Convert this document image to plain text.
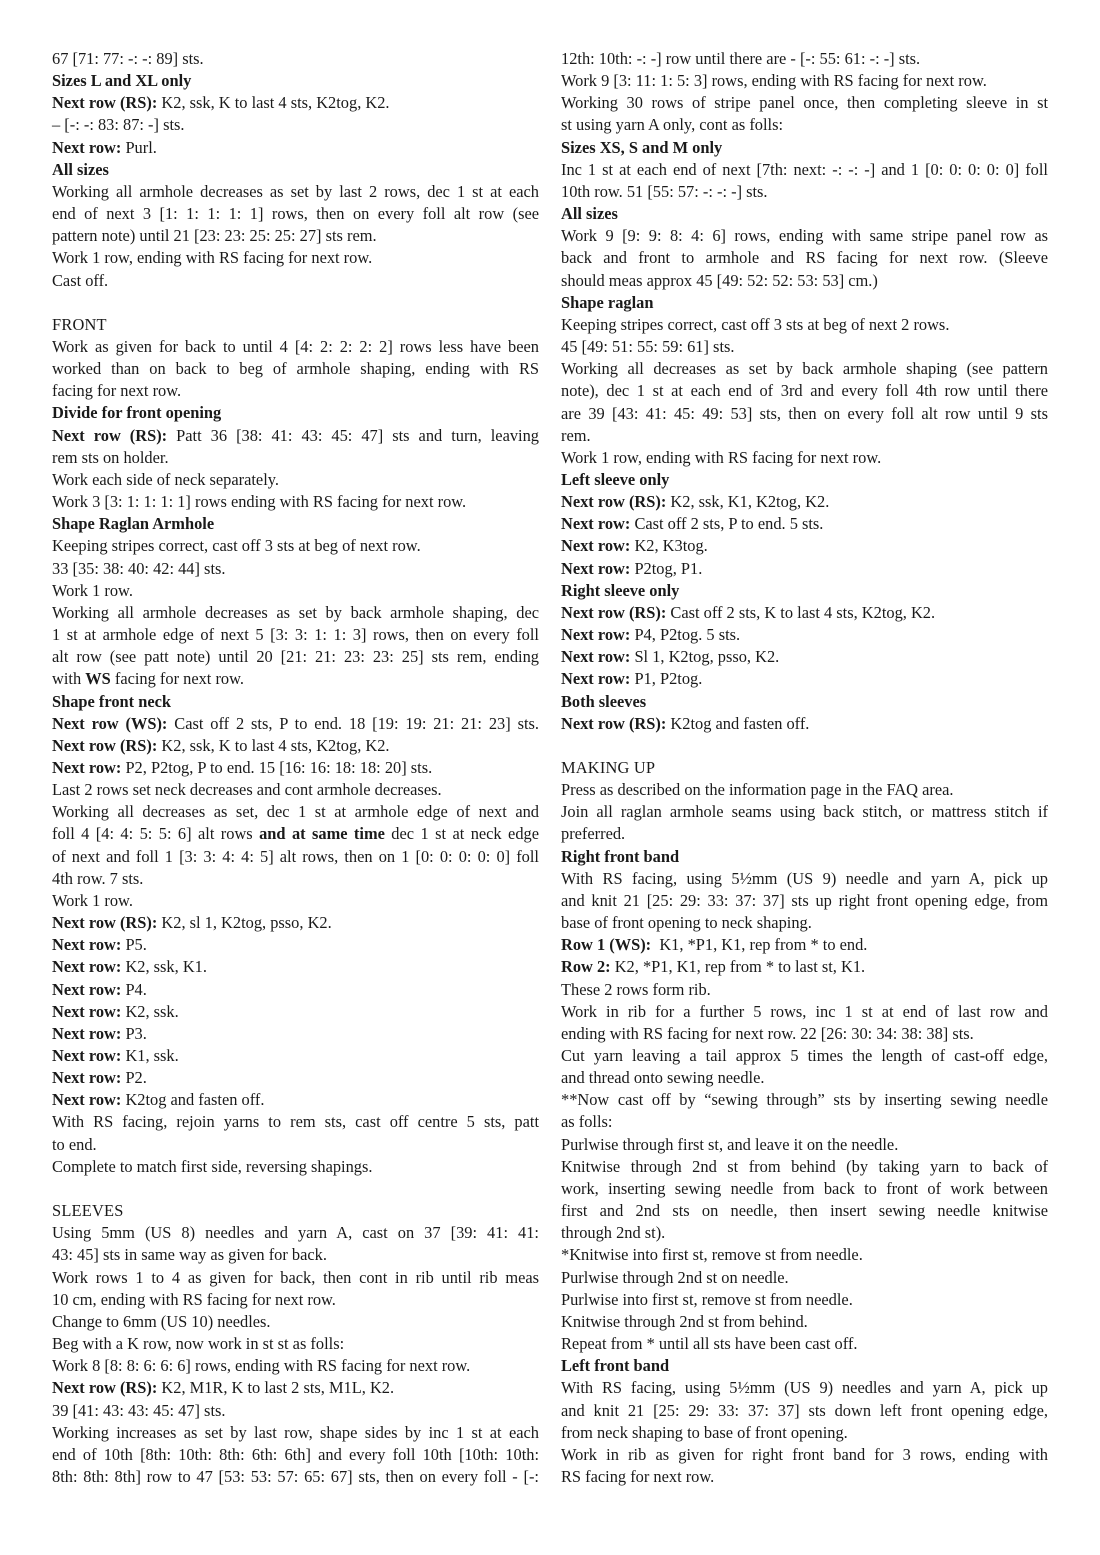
67 [71: 77: -: -: 89] sts.
Sizes L and XL only
Next row (RS): K2, ssk, K to last 4 sts, K2tog, K2.
– [-: -: 83: 87: -] sts.
Next row: Purl.
All sizes
Working all armhole decreases as set by last 2 rows, dec 1 st at each
end of next 3 [1: 1: 1: 1: 1] rows, then on every foll alt row (see
pattern note) until 21 [23: 23: 25: 25: 27] sts rem.
Work 1 row, ending with RS facing for next row.
Cast off.
FRONT
Work as given for back to until 4 [4: 2: 2: 2: 2] rows less have been
worked than on back to beg of armhole shaping, ending with RS
facing for next row.
Divide for front opening
Next row (RS): Patt 36 [38: 41: 43: 45: 47] sts and turn, leaving
rem sts on holder.
Work each side of neck separately.
Work 3 [3: 1: 1: 1: 1] rows ending with RS facing for next row.
Shape Raglan Armhole
Keeping stripes correct, cast off 3 sts at beg of next row.
33 [35: 38: 40: 42: 44] sts.
Work 1 row.
Working all armhole decreases as set by back armhole shaping, dec
1 st at armhole edge of next 5 [3: 3: 1: 1: 3] rows, then on every foll
alt row (see patt note) until 20 [21: 21: 23: 23: 25] sts rem, ending
with WS facing for next row.
Shape front neck
Next row (WS): Cast off 2 sts, P to end. 18 [19: 19: 21: 21: 23] sts.
Next row (RS): K2, ssk, K to last 4 sts, K2tog, K2.
Next row: P2, P2tog, P to end. 15 [16: 16: 18: 18: 20] sts.
Last 2 rows set neck decreases and cont armhole decreases.
Working all decreases as set, dec 1 st at armhole edge of next and
foll 4 [4: 4: 5: 5: 6] alt rows and at same time dec 1 st at neck edge
of next and foll 1 [3: 3: 4: 4: 5] alt rows, then on 1 [0: 0: 0: 0: 0] foll
4th row. 7 sts.
Work 1 row.
Next row (RS): K2, sl 1, K2tog, psso, K2.
Next row: P5.
Next row: K2, ssk, K1.
Next row: P4.
Next row: K2, ssk.
Next row: P3.
Next row: K1, ssk.
Next row: P2.
Next row: K2tog and fasten off.
With RS facing, rejoin yarns to rem sts, cast off centre 5 sts, patt
to end.
Complete to match first side, reversing shapings.
SLEEVES
Using 5mm (US 8) needles and yarn A, cast on 37 [39: 41: 41:
43: 45] sts in same way as given for back.
Work rows 1 to 4 as given for back, then cont in rib until rib meas
10 cm, ending with RS facing for next row.
Change to 6mm (US 10) needles.
Beg with a K row, now work in st st as folls:
Work 8 [8: 8: 6: 6: 6] rows, ending with RS facing for next row.
Next row (RS): K2, M1R, K to last 2 sts, M1L, K2.
39 [41: 43: 43: 45: 47] sts.
Working increases as set by last row, shape sides by inc 1 st at each
end of 10th [8th: 10th: 8th: 6th: 6th] and every foll 10th [10th: 10th:
8th: 8th: 8th] row to 47 [53: 53: 57: 65: 67] sts, then on every foll - [-:
12th: 10th: -: -] row until there are - [-: 55: 61: -: -] sts.
Work 9 [3: 11: 1: 5: 3] rows, ending with RS facing for next row.
Working 30 rows of stripe panel once, then completing sleeve in st
st using yarn A only, cont as folls:
Sizes XS, S and M only
Inc 1 st at each end of next [7th: next: -: -: -] and 1 [0: 0: 0: 0: 0] foll
10th row. 51 [55: 57: -: -: -] sts.
All sizes
Work 9 [9: 9: 8: 4: 6] rows, ending with same stripe panel row as
back and front to armhole and RS facing for next row. (Sleeve
should meas approx 45 [49: 52: 52: 53: 53] cm.)
Shape raglan
Keeping stripes correct, cast off 3 sts at beg of next 2 rows.
45 [49: 51: 55: 59: 61] sts.
Working all decreases as set by back armhole shaping (see pattern
note), dec 1 st at each end of 3rd and every foll 4th row until there
are 39 [43: 41: 45: 49: 53] sts, then on every foll alt row until 9 sts
rem.
Work 1 row, ending with RS facing for next row.
Left sleeve only
Next row (RS): K2, ssk, K1, K2tog, K2.
Next row: Cast off 2 sts, P to end. 5 sts.
Next row: K2, K3tog.
Next row: P2tog, P1.
Right sleeve only
Next row (RS): Cast off 2 sts, K to last 4 sts, K2tog, K2.
Next row: P4, P2tog. 5 sts.
Next row: Sl 1, K2tog, psso, K2.
Next row: P1, P2tog.
Both sleeves
Next row (RS): K2tog and fasten off.
MAKING UP
Press as described on the information page in the FAQ area.
Join all raglan armhole seams using back stitch, or mattress stitch if
preferred.
Right front band
With RS facing, using 5½mm (US 9) needle and yarn A, pick up
and knit 21 [25: 29: 33: 37: 37] sts up right front opening edge, from
base of front opening to neck shaping.
Row 1 (WS):  K1, *P1, K1, rep from * to end.
Row 2: K2, *P1, K1, rep from * to last st, K1.
These 2 rows form rib.
Work in rib for a further 5 rows, inc 1 st at end of last row and
ending with RS facing for next row. 22 [26: 30: 34: 38: 38] sts.
Cut yarn leaving a tail approx 5 times the length of cast-off edge,
and thread onto sewing needle.
**Now cast off by “sewing through” sts by inserting sewing needle
as folls:
Purlwise through first st, and leave it on the needle.
Knitwise through 2nd st from behind (by taking yarn to back of
work, inserting sewing needle from back to front of work between
first and 2nd sts on needle, then insert sewing needle knitwise
through 2nd st).
*Knitwise into first st, remove st from needle.
Purlwise through 2nd st on needle.
Purlwise into first st, remove st from needle.
Knitwise through 2nd st from behind.
Repeat from * until all sts have been cast off.
Left front band
With RS facing, using 5½mm (US 9) needles and yarn A, pick up
and knit 21 [25: 29: 33: 37: 37] sts down left front opening edge,
from neck shaping to base of front opening.
Work in rib as given for right front band for 3 rows, ending with
RS facing for next row.
